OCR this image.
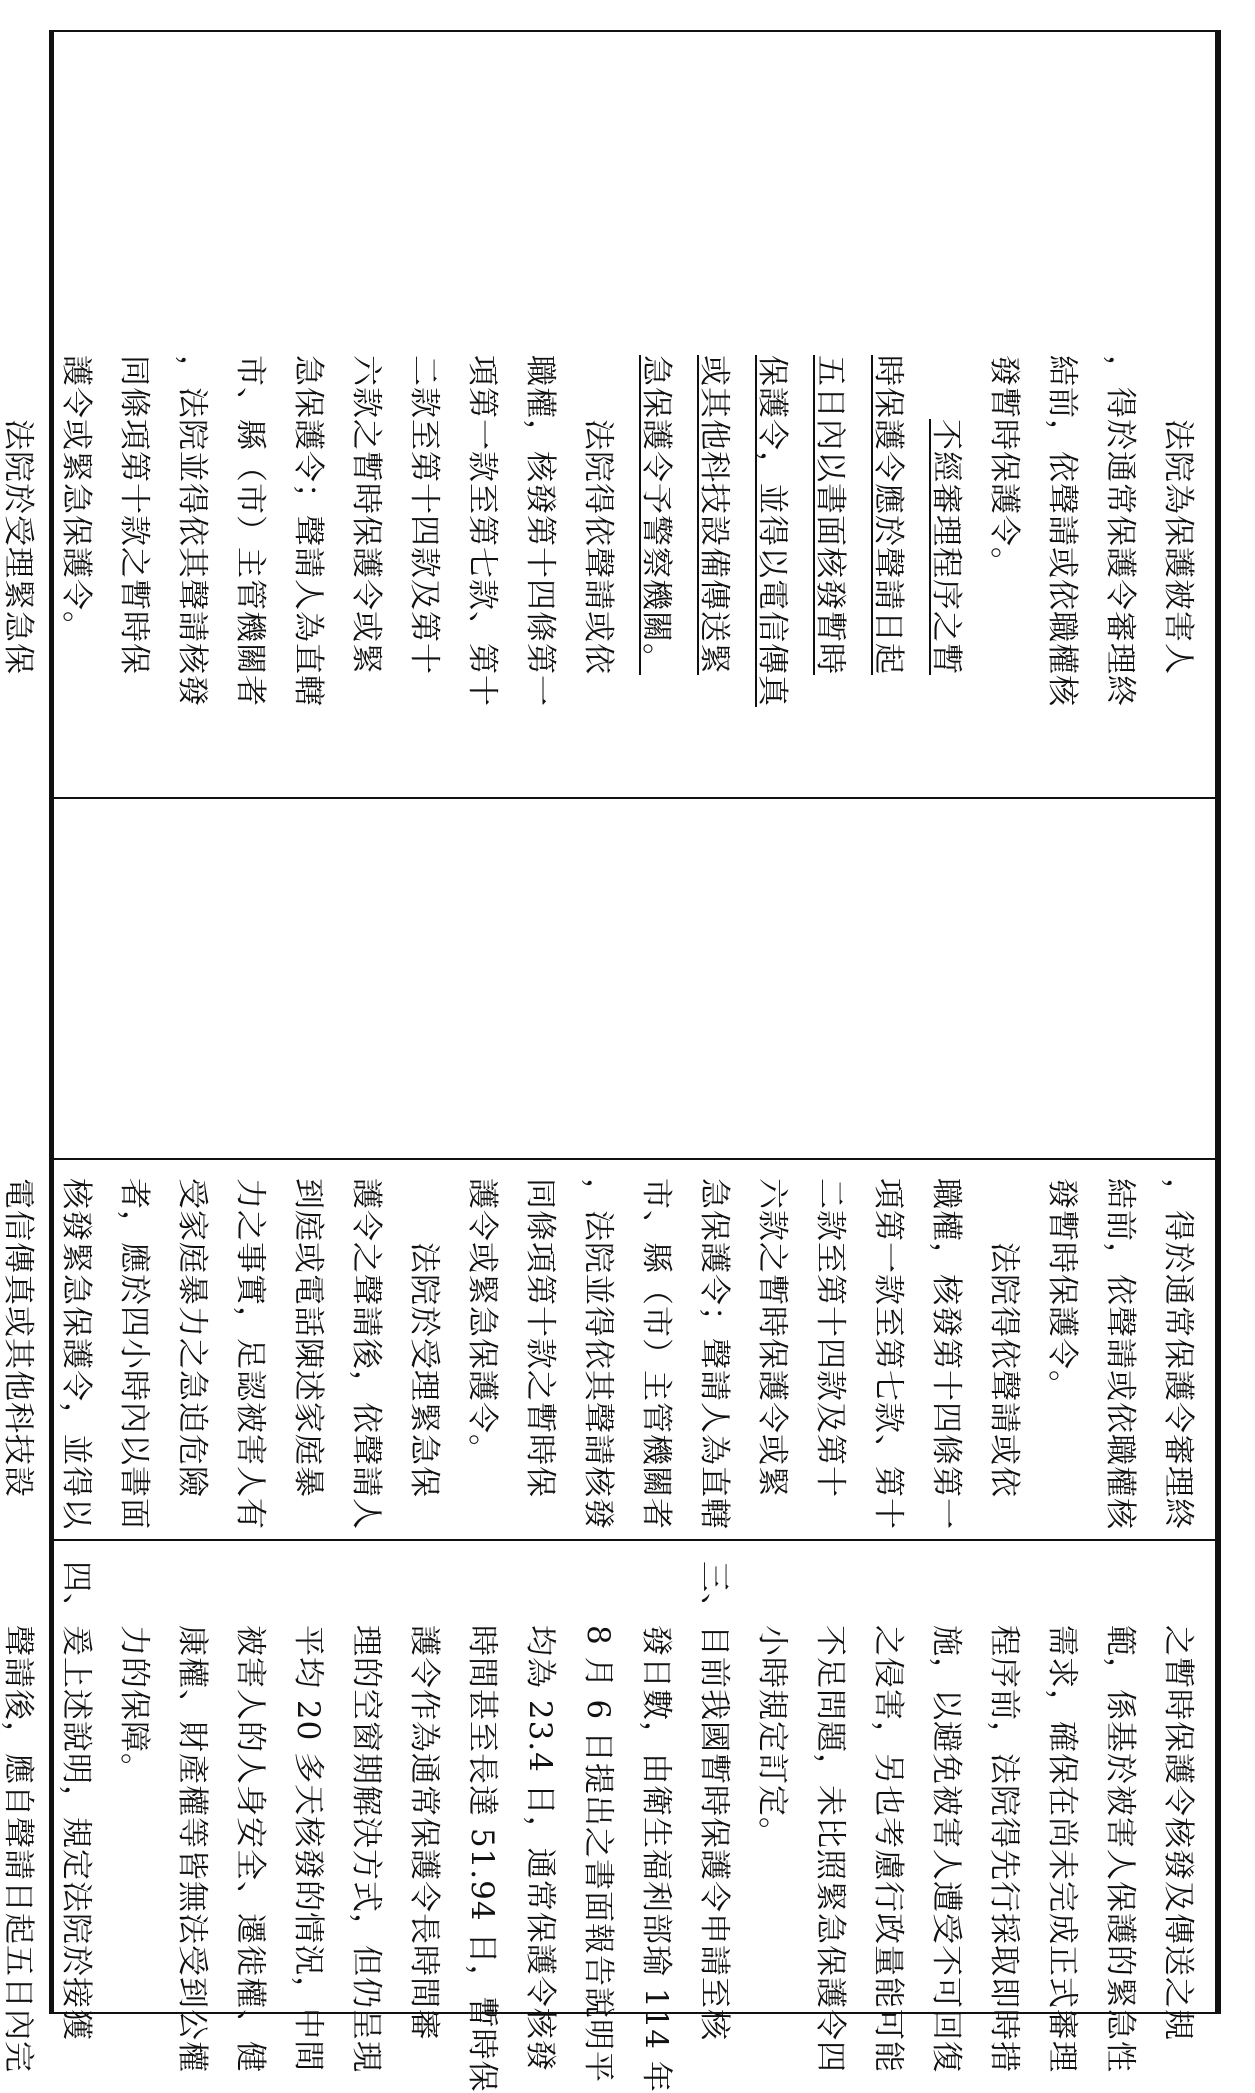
法院為保護被害人
，得於通常保護令審理終
結前，依聲請或依職權核
發暫時保護令。
不經審理程序之暫
時保護令應於聲請日起
五日內以書面核發暫時
保護令，並得以電信傳真
或其他科技設備傳送緊
急保護令予警察機關。
法院得依聲請或依
職權，核發第十四條第一
項第一款至第七款、第十
二款至第十四款及第十
六款之暫時保護令或緊
急保護令；聲請人為直轄
市、縣（市）主管機關者
，法院並得依其聲請核發
同條項第十款之暫時保
護令或緊急保護令。
法院於受理緊急保
，得於通常保護令審理終
結前，依聲請或依職權核
發暫時保護令。
法院得依聲請或依
職權，核發第十四條第一
項第一款至第七款、第十
二款至第十四款及第十
六款之暫時保護令或緊
急保護令；聲請人為直轄
市、縣（市）主管機關者
，法院並得依其聲請核發
同條項第十款之暫時保
護令或緊急保護令。
法院於受理緊急保
護令之聲請後，依聲請人
到庭或電話陳述家庭暴
力之事實，足認被害人有
受家庭暴力之急迫危險
者，應於四小時內以書面
核發緊急保護令，並得以
電信傳真或其他科技設
之暫時保護令核發及傳送之規
範，係基於被害人保護的緊急性
需求，確保在尚未完成正式審理
程序前，法院得先行採取即時措
施，以避免被害人遭受不可回復
之侵害，另也考慮行政量能可能
不足問題，未比照緊急保護令四
小時規定訂定。
三、
目前我國暫時保護令申請至核
發日數，由衛生福利部瑜 114 年
8 月 6 日提出之書面報告說明平
均為 23.4 日，通常保護令核發
時間甚至長達 51.94 日，暫時保
護令作為通常保護令長時間審
理的空窗期解決方式，但仍呈現
平均 20 多天核發的情況，中間
被害人的人身安全、遷徙權、健
康權、財產權等皆無法受到公權
力的保障。
四、
爰上述說明，規定法院於接獲
聲請後，應自聲請日起五日內完
